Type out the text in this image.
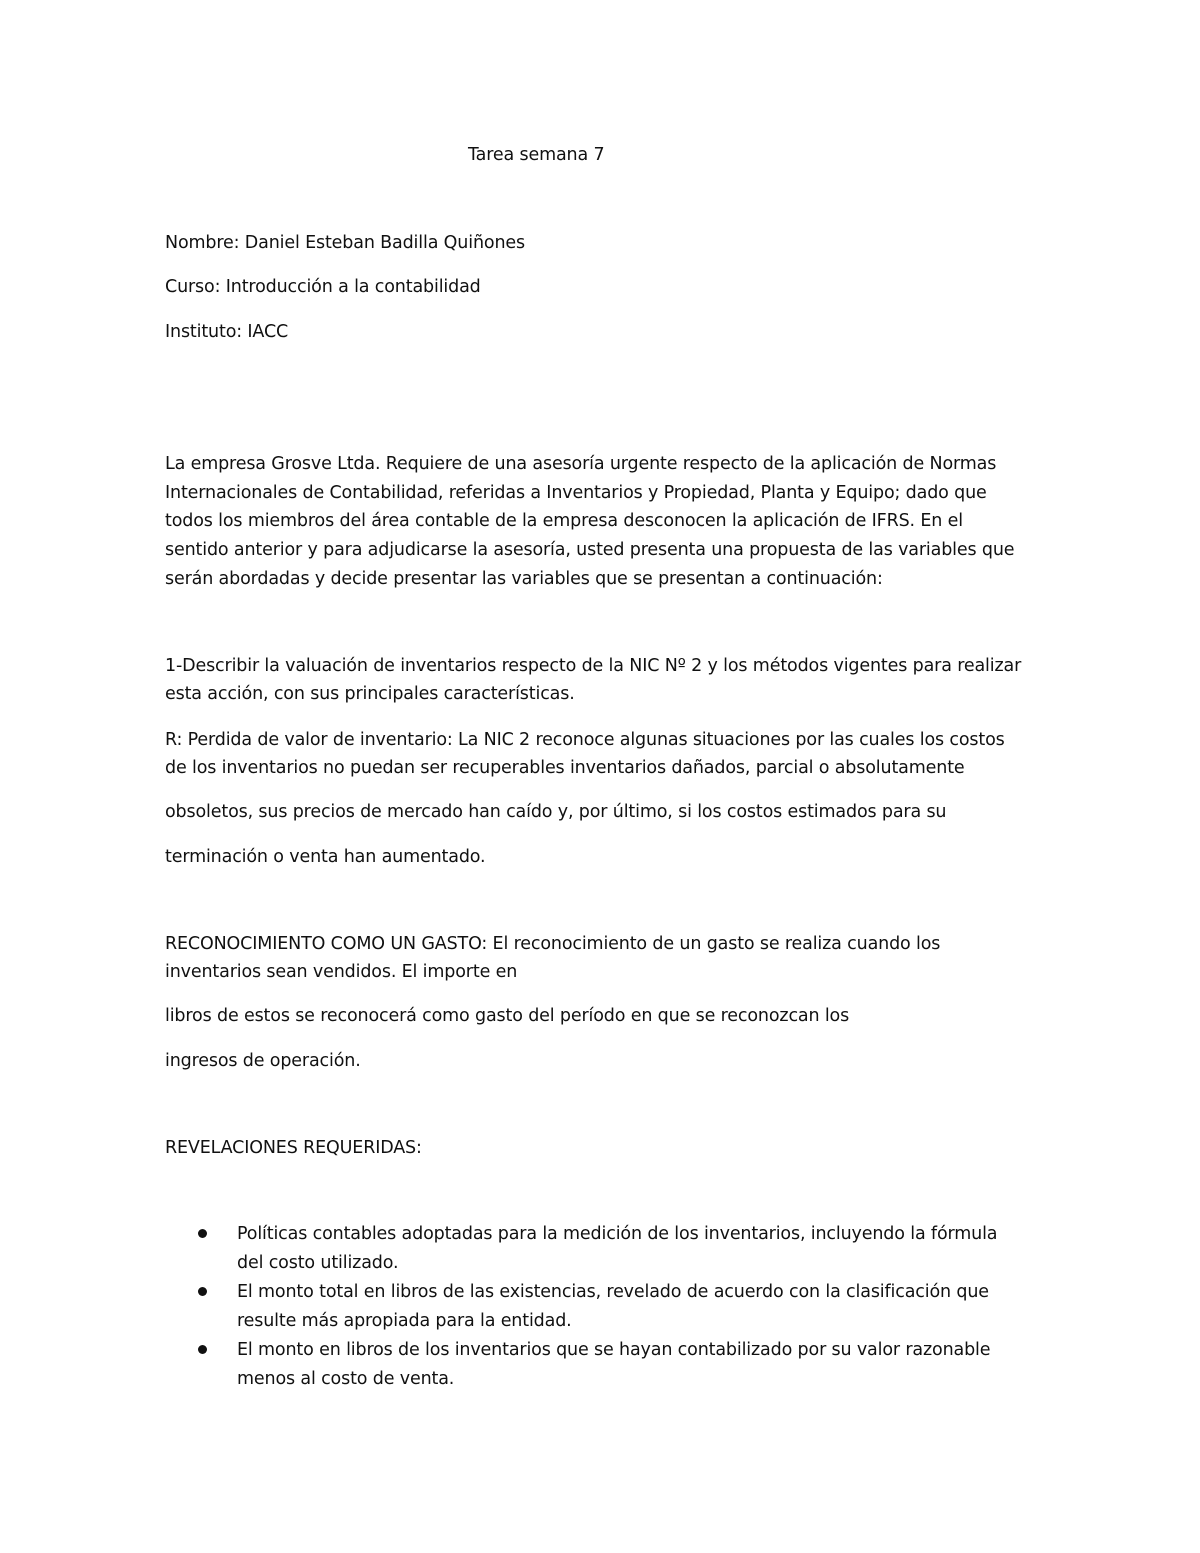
Tarea semana 7
Nombre: Daniel Esteban Badilla Quiñones
Curso: Introducción a la contabilidad
Instituto: IACC
La empresa Grosve Ltda. Requiere de una asesoría urgente respecto de la aplicación de Normas
Internacionales de Contabilidad, referidas a Inventarios y Propiedad, Planta y Equipo; dado que
todos los miembros del área contable de la empresa desconocen la aplicación de IFRS. En el
sentido anterior y para adjudicarse la asesoría, usted presenta una propuesta de las variables que
serán abordadas y decide presentar las variables que se presentan a continuación:
1-Describir la valuación de inventarios respecto de la NIC Nº 2 y los métodos vigentes para realizar
esta acción, con sus principales características.
R: Perdida de valor de inventario: La NIC 2 reconoce algunas situaciones por las cuales los costos
de los inventarios no puedan ser recuperables inventarios dañados, parcial o absolutamente
obsoletos, sus precios de mercado han caído y, por último, si los costos estimados para su
terminación o venta han aumentado.
RECONOCIMIENTO COMO UN GASTO: El reconocimiento de un gasto se realiza cuando los
inventarios sean vendidos. El importe en
libros de estos se reconocerá como gasto del período en que se reconozcan los
ingresos de operación.
REVELACIONES REQUERIDAS:
Políticas contables adoptadas para la medición de los inventarios, incluyendo la fórmula
del costo utilizado.
El monto total en libros de las existencias, revelado de acuerdo con la clasificación que
resulte más apropiada para la entidad.
El monto en libros de los inventarios que se hayan contabilizado por su valor razonable
menos al costo de venta.
